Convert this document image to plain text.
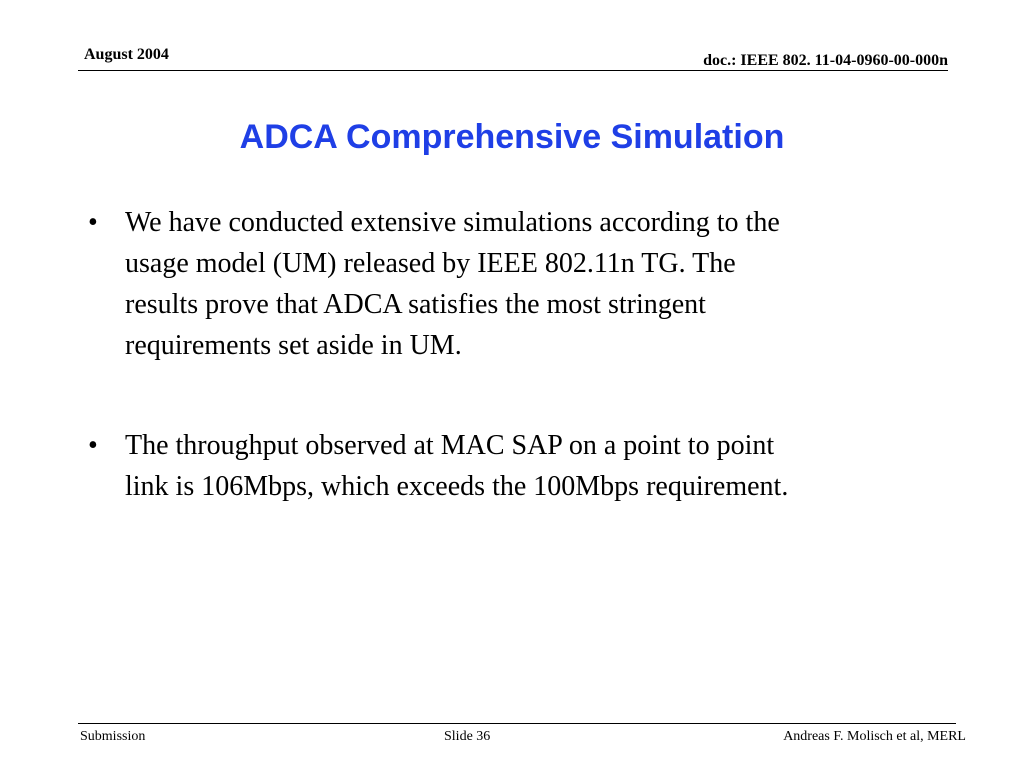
August 2004	doc.: IEEE 802. 11-04-0960-00-000n
ADCA Comprehensive Simulation
• We have conducted extensive simulations according to the
usage model (UM) released by IEEE 802.11n TG. The
results prove that ADCA satisfies the most stringent
requirements set aside in UM.
• The throughput observed at MAC SAP on a point to point
link is 106Mbps, which exceeds the 100Mbps requirement.
Submission	Slide 36	Andreas F. Molisch et al, MERL
